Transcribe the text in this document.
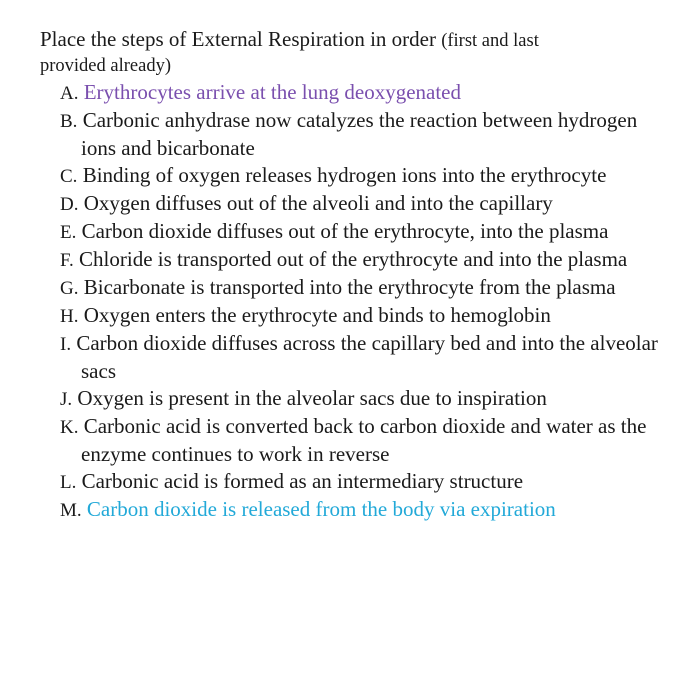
Place the steps of External Respiration in order (first and last
provided already)
A. Erythrocytes arrive at the lung deoxygenated
B. Carbonic anhydrase now catalyzes the reaction between hydrogen ions and bicarbonate
C. Binding of oxygen releases hydrogen ions into the erythrocyte
D. Oxygen diffuses out of the alveoli and into the capillary
E. Carbon dioxide diffuses out of the erythrocyte, into the plasma
F. Chloride is transported out of the erythrocyte and into the plasma
G. Bicarbonate is transported into the erythrocyte from the plasma
H. Oxygen enters the erythrocyte and binds to hemoglobin
I. Carbon dioxide diffuses across the capillary bed and into the alveolar sacs
J. Oxygen is present in the alveolar sacs due to inspiration
K. Carbonic acid is converted back to carbon dioxide and water as the enzyme continues to work in reverse
L. Carbonic acid is formed as an intermediary structure
M. Carbon dioxide is released from the body via expiration
